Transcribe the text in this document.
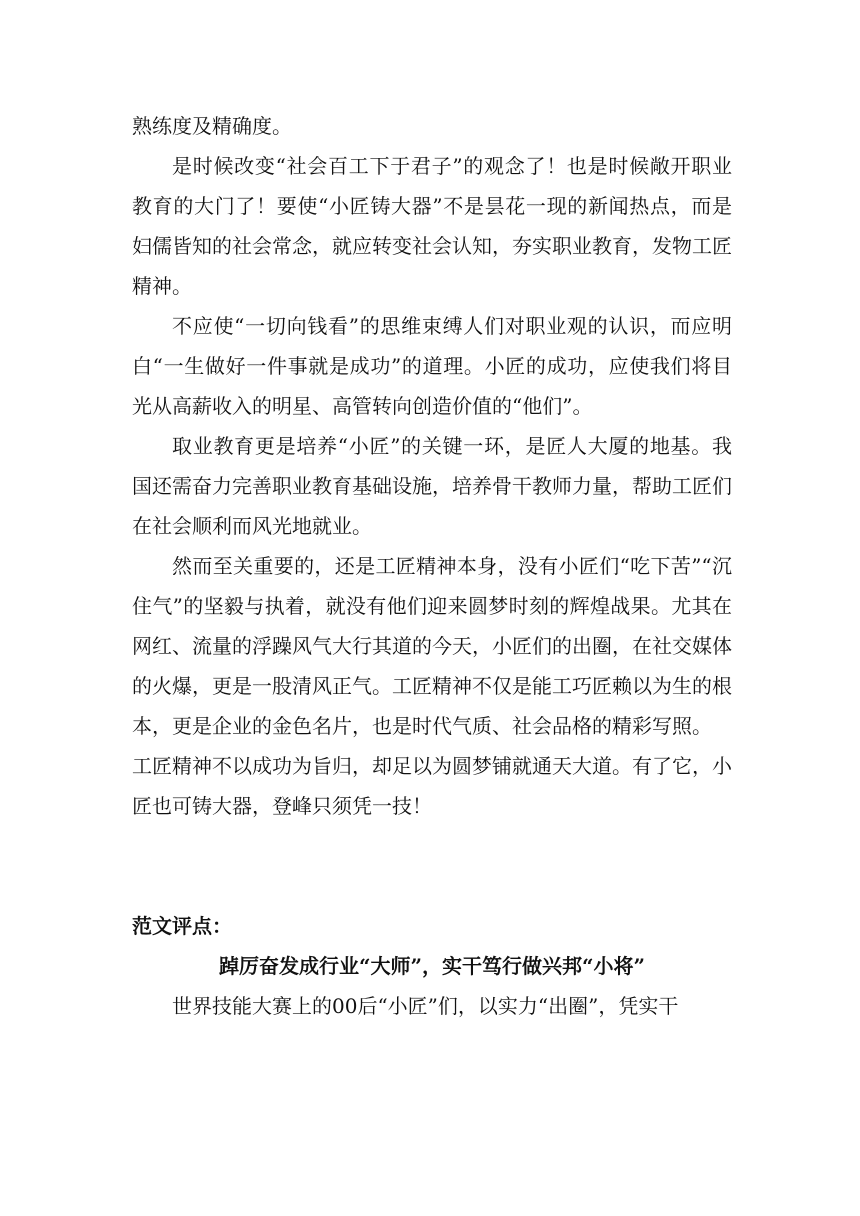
熟练度及精确度。

是时候改变“社会百工下于君子”的观念了！也是时候敞开职业教育的大门了！要使“小匠铸大器”不是昙花一现的新闻热点，而是妇儒皆知的社会常念，就应转变社会认知，夯实职业教育，发物工匠精神。

不应使“一切向钱看”的思维束缚人们对职业观的认识，而应明白“一生做好一件事就是成功”的道理。小匠的成功，应使我们将目光从高薪收入的明星、高管转向创造价值的“他们”。

取业教育更是培养“小匠”的关键一环，是匠人大厦的地基。我国还需奋力完善职业教育基础设施，培养骨干教师力量，帮助工匠们在社会顺利而风光地就业。

然而至关重要的，还是工匠精神本身，没有小匠们“吃下苦”“沉住气”的坚毅与执着，就没有他们迎来圆梦时刻的辉煌战果。尤其在网红、流量的浮躁风气大行其道的今天，小匠们的出圈，在社交媒体的火爆，更是一股清风正气。工匠精神不仅是能工巧匠赖以为生的根本，更是企业的金色名片，也是时代气质、社会品格的精彩写照。

工匠精神不以成功为旨归，却足以为圆梦铺就通天大道。有了它，小匠也可铸大器，登峰只须凭一技！

范文评点：

踔厉奋发成行业“大师”，实干笃行做兴邦“小将”

世界技能大赛上的00后“小匠”们，以实力“出圈”，凭实干
